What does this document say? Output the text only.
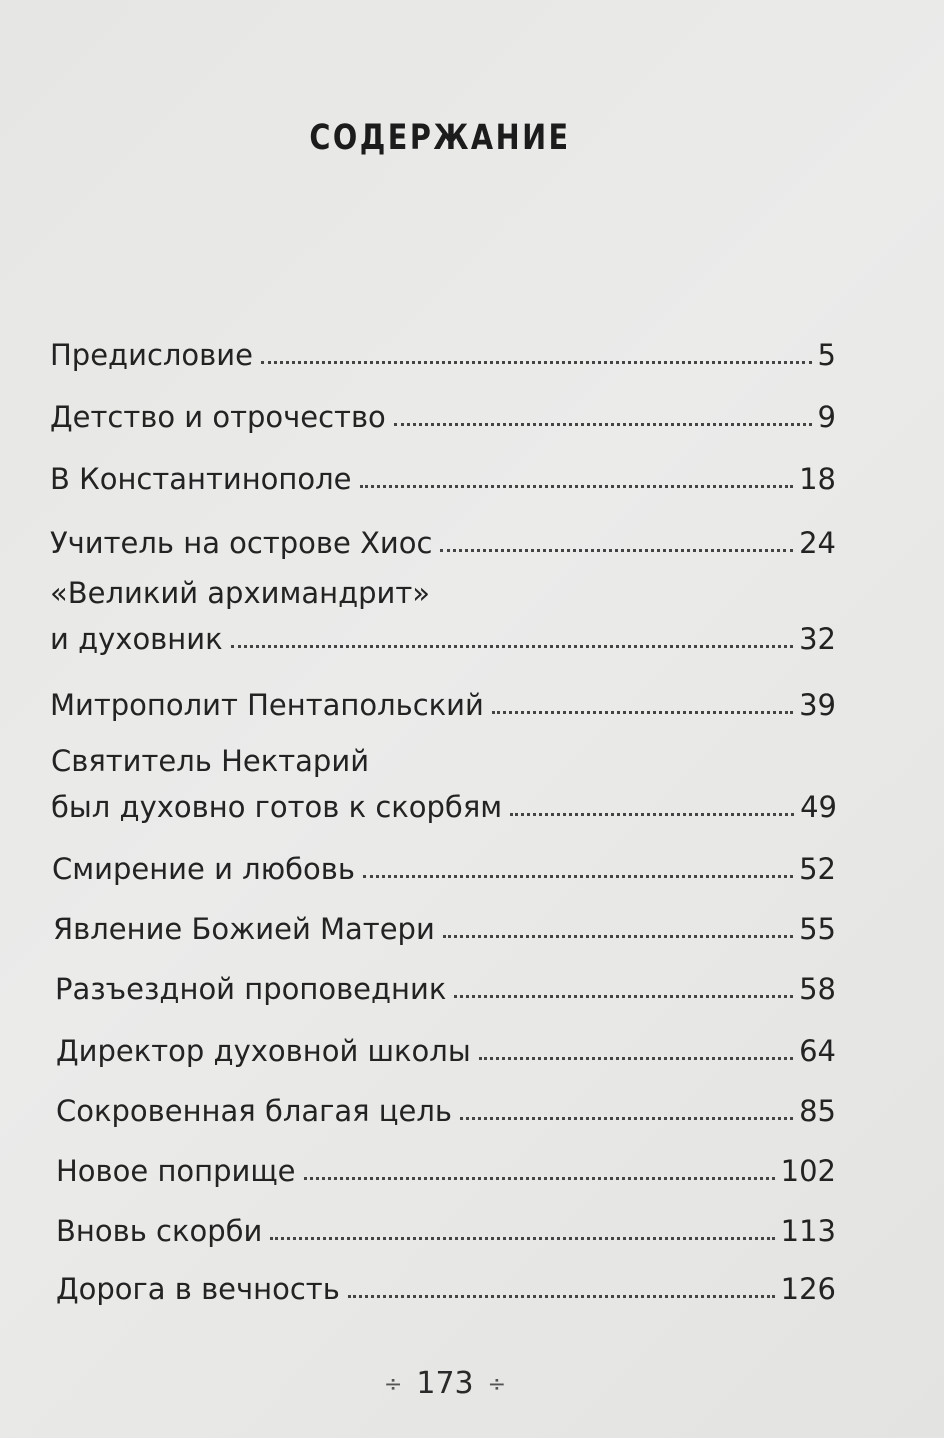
СОДЕРЖАНИЕ
Предисловие	5
Детство и отрочество	9
В Константинополе	18
Учитель на острове Хиос	24
«Великий архимандрит»
и духовник	32
Митрополит Пентапольский	39
Святитель Нектарий
был духовно готов к скорбям	49
Смирение и любовь	52
Явление Божией Матери	55
Разъездной проповедник	58
Директор духовной школы	64
Сокровенная благая цель	85
Новое поприще	102
Вновь скорби	113
Дорога в вечность	126
÷ 173 ÷
